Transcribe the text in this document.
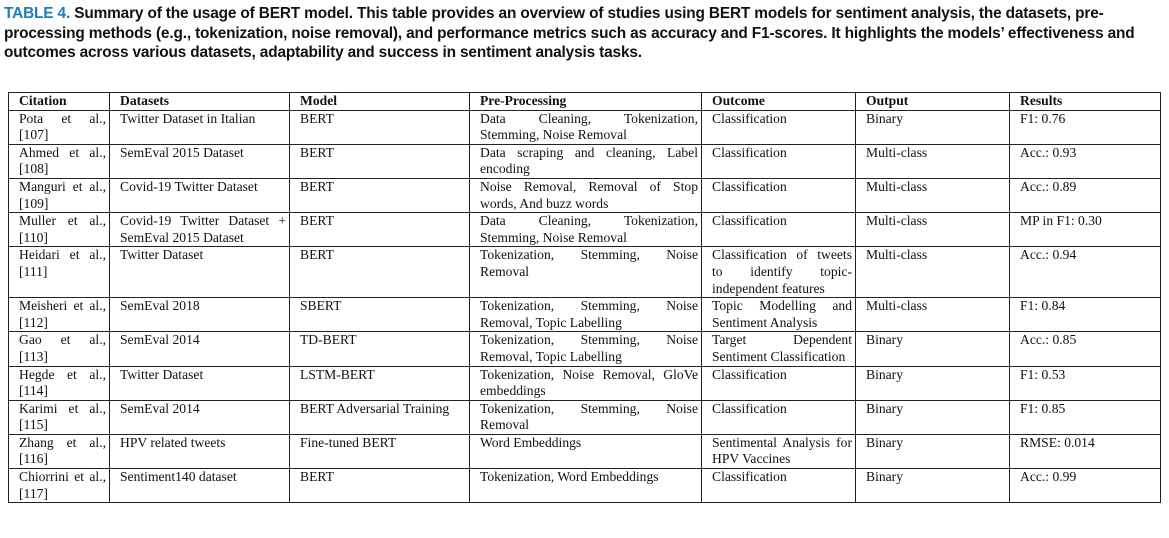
TABLE 4. Summary of the usage of BERT model. This table provides an overview of studies using BERT models for sentiment analysis, the datasets, pre-processing methods (e.g., tokenization, noise removal), and performance metrics such as accuracy and F1-scores. It highlights the models’ effectiveness and outcomes across various datasets, adaptability and success in sentiment analysis tasks.
Citation	Datasets	Model	Pre-Processing	Outcome	Output	Results
Pota et al., [107]	Twitter Dataset in Italian	BERT	Data Cleaning, Tokenization, Stemming, Noise Removal	Classification	Binary	F1: 0.76
Ahmed et al., [108]	SemEval 2015 Dataset	BERT	Data scraping and cleaning, Label encoding	Classification	Multi-class	Acc.: 0.93
Manguri et al., [109]	Covid-19 Twitter Dataset	BERT	Noise Removal, Removal of Stop words, And buzz words	Classification	Multi-class	Acc.: 0.89
Muller et al., [110]	Covid-19 Twitter Dataset + SemEval 2015 Dataset	BERT	Data Cleaning, Tokenization, Stemming, Noise Removal	Classification	Multi-class	MP in F1: 0.30
Heidari et al., [111]	Twitter Dataset	BERT	Tokenization, Stemming, Noise Removal	Classification of tweets to identify topic-independent features	Multi-class	Acc.: 0.94
Meisheri et al., [112]	SemEval 2018	SBERT	Tokenization, Stemming, Noise Removal, Topic Labelling	Topic Modelling and Sentiment Analysis	Multi-class	F1: 0.84
Gao et al., [113]	SemEval 2014	TD-BERT	Tokenization, Stemming, Noise Removal, Topic Labelling	Target Dependent Sentiment Classification	Binary	Acc.: 0.85
Hegde et al., [114]	Twitter Dataset	LSTM-BERT	Tokenization, Noise Removal, GloVe embeddings	Classification	Binary	F1: 0.53
Karimi et al., [115]	SemEval 2014	BERT Adversarial Training	Tokenization, Stemming, Noise Removal	Classification	Binary	F1: 0.85
Zhang et al., [116]	HPV related tweets	Fine-tuned BERT	Word Embeddings	Sentimental Analysis for HPV Vaccines	Binary	RMSE: 0.014
Chiorrini et al., [117]	Sentiment140 dataset	BERT	Tokenization, Word Embeddings	Classification	Binary	Acc.: 0.99
